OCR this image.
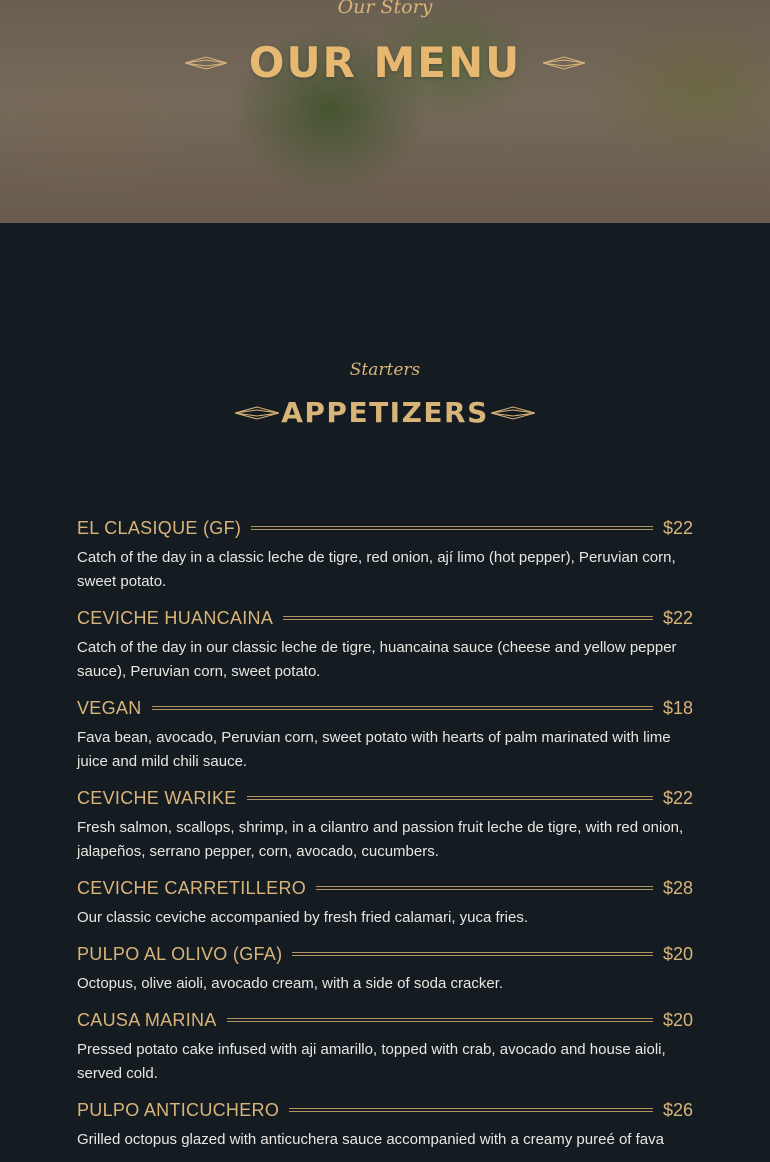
Our Story
OUR MENU
Starters
APPETIZERS
EL CLASIQUE (GF)	$22

Catch of the day in a classic leche de tigre, red onion, ají limo (hot pepper), Peruvian corn, sweet potato.

CEVICHE HUANCAINA	$22

Catch of the day in our classic leche de tigre, huancaina sauce (cheese and yellow pepper sauce), Peruvian corn, sweet potato.

VEGAN	$18

Fava bean, avocado, Peruvian corn, sweet potato with hearts of palm marinated with lime juice and mild chili sauce.

CEVICHE WARIKE	$22

Fresh salmon, scallops, shrimp, in a cilantro and passion fruit leche de tigre, with red onion, jalapeños, serrano pepper, corn, avocado, cucumbers.

CEVICHE CARRETILLERO	$28

Our classic ceviche accompanied by fresh fried calamari, yuca fries.

PULPO AL OLIVO (GFA)	$20

Octopus, olive aioli, avocado cream, with a side of soda cracker.

CAUSA MARINA	$20

Pressed potato cake infused with aji amarillo, topped with crab, avocado and house aioli, served cold.

PULPO ANTICUCHERO	$26

Grilled octopus glazed with anticuchera sauce accompanied with a creamy pureé of fava
